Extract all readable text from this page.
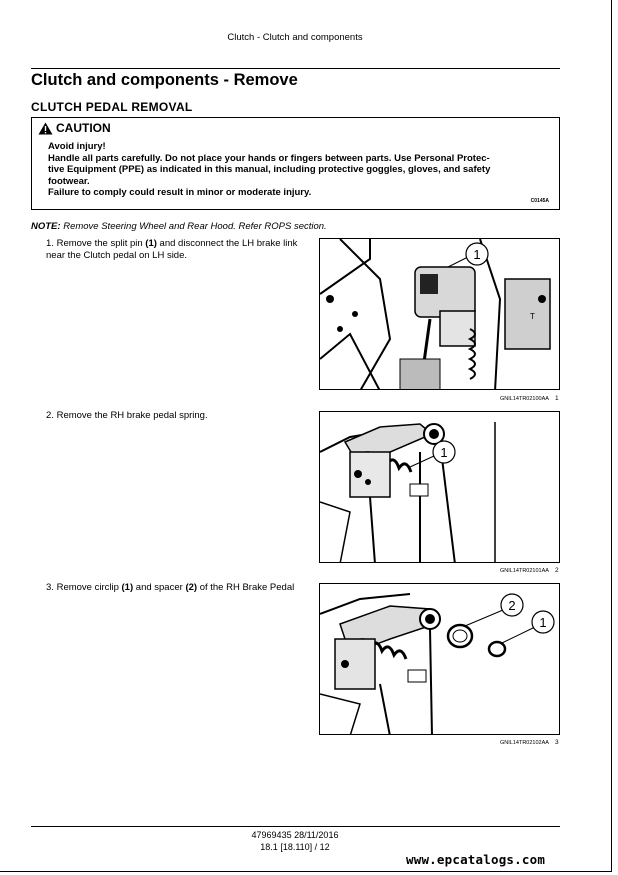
Clutch - Clutch and components
Clutch and components - Remove
CLUTCH PEDAL REMOVAL
CAUTION
Avoid injury!
Handle all parts carefully. Do not place your hands or fingers between parts. Use Personal Protec-
tive Equipment (PPE) as indicated in this manual, including protective goggles, gloves, and safety
footwear.
Failure to comply could result in minor or moderate injury.
C0145A
NOTE: Remove Steering Wheel and Rear Hood. Refer ROPS section.
1. Remove the split pin (1) and disconnect the LH brake link near the Clutch pedal on LH side.
T
1
GNIL14TR02100AA 1
2. Remove the RH brake pedal spring.
1
GNIL14TR02101AA 2
3. Remove circlip (1) and spacer (2) of the RH Brake Pedal
2
1
GNIL14TR02102AA 3
47969435 28/11/2016
18.1 [18.110] / 12
www.epcatalogs.com
